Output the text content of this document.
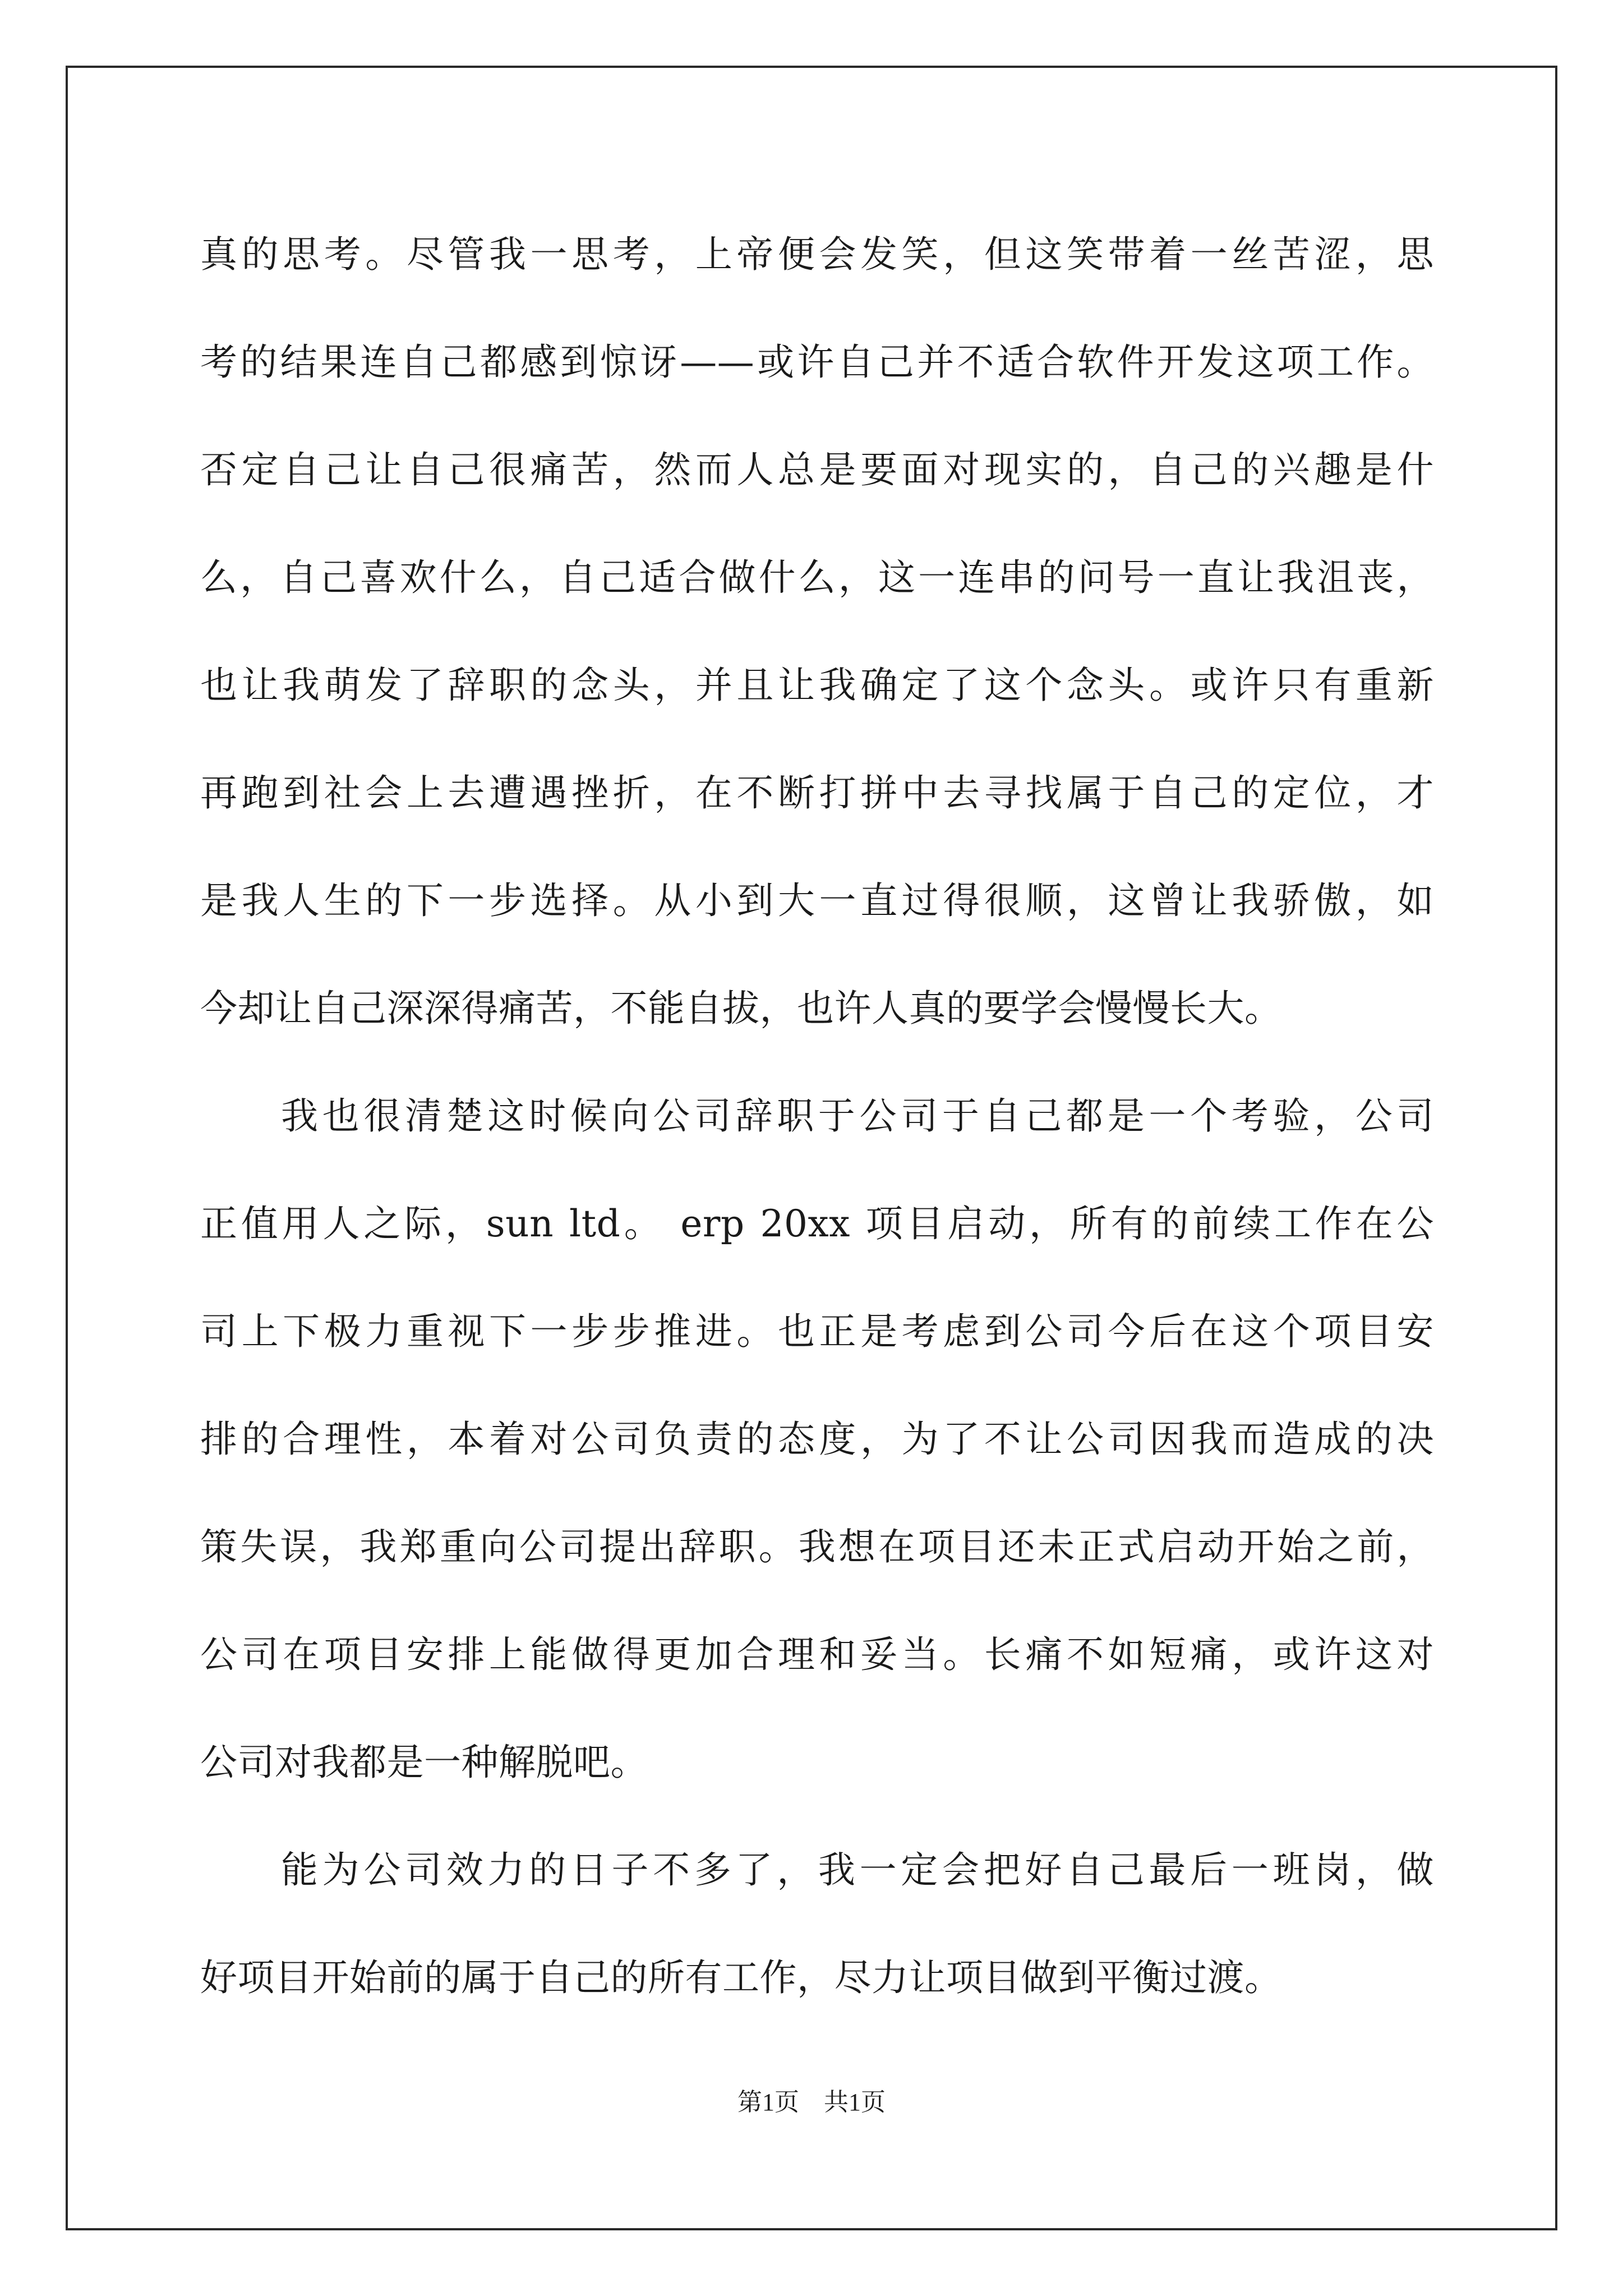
真的思考。尽管我一思考，上帝便会发笑，但这笑带着一丝苦涩，思
考的结果连自己都感到惊讶——或许自己并不适合软件开发这项工作。
否定自己让自己很痛苦，然而人总是要面对现实的，自己的兴趣是什
么，自己喜欢什么，自己适合做什么，这一连串的问号一直让我沮丧，
也让我萌发了辞职的念头，并且让我确定了这个念头。或许只有重新
再跑到社会上去遭遇挫折，在不断打拼中去寻找属于自己的定位，才
是我人生的下一步选择。从小到大一直过得很顺，这曾让我骄傲，如
今却让自己深深得痛苦，不能自拔，也许人真的要学会慢慢长大。
我也很清楚这时候向公司辞职于公司于自己都是一个考验，公司
正值用人之际，sun ltd。 erp 20xx 项目启动，所有的前续工作在公
司上下极力重视下一步步推进。也正是考虑到公司今后在这个项目安
排的合理性，本着对公司负责的态度，为了不让公司因我而造成的决
策失误，我郑重向公司提出辞职。我想在项目还未正式启动开始之前，
公司在项目安排上能做得更加合理和妥当。长痛不如短痛，或许这对
公司对我都是一种解脱吧。
能为公司效力的日子不多了，我一定会把好自己最后一班岗，做
好项目开始前的属于自己的所有工作，尽力让项目做到平衡过渡。
第1页 共1页
